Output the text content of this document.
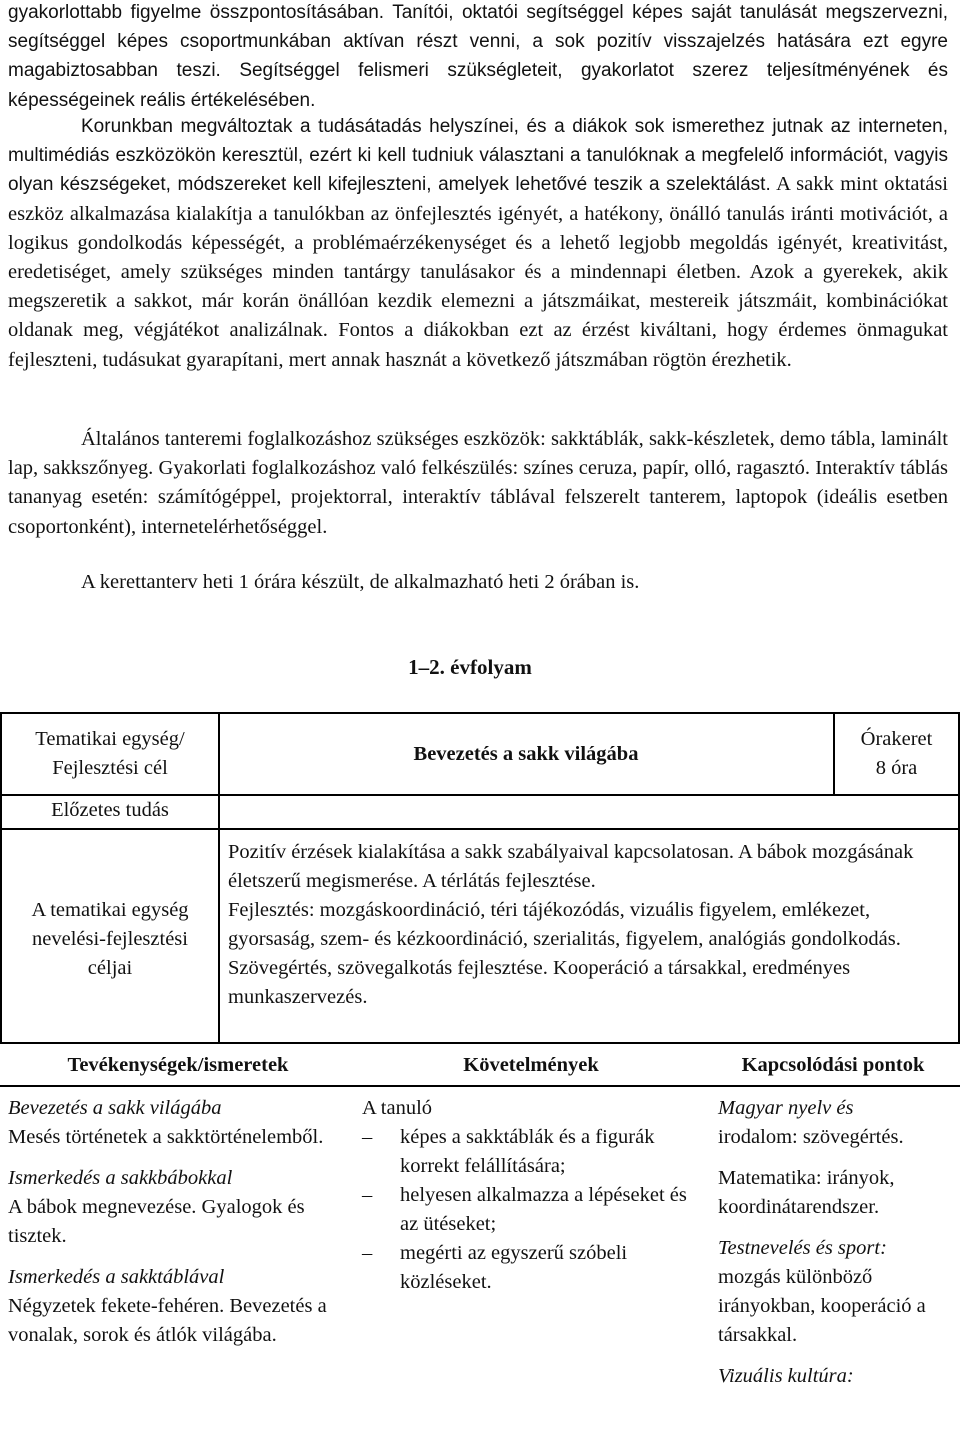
gyakorlottabb figyelme összpontosításában. Tanítói, oktatói segítséggel képes saját tanulását megszervezni, segítséggel képes csoportmunkában aktívan részt venni, a sok pozitív visszajelzés hatására ezt egyre magabiztosabban teszi. Segítséggel felismeri szükségleteit, gyakorlatot szerez teljesítményének és képességeinek reális értékelésében.

Korunkban megváltoztak a tudásátadás helyszínei, és a diákok sok ismerethez jutnak az interneten, multimédiás eszközökön keresztül, ezért ki kell tudniuk választani a tanulóknak a megfelelő információt, vagyis olyan készségeket, módszereket kell kifejleszteni, amelyek lehetővé teszik a szelektálást. A sakk mint oktatási eszköz alkalmazása kialakítja a tanulókban az önfejlesztés igényét, a hatékony, önálló tanulás iránti motivációt, a logikus gondolkodás képességét, a problémaérzékenységet és a lehető legjobb megoldás igényét, kreativitást, eredetiséget, amely szükséges minden tantárgy tanulásakor és a mindennapi életben. Azok a gyerekek, akik megszeretik a sakkot, már korán önállóan kezdik elemezni a játszmáikat, mestereik játszmáit, kombinációkat oldanak meg, végjátékot analizálnak. Fontos a diákokban ezt az érzést kiváltani, hogy érdemes önmagukat fejleszteni, tudásukat gyarapítani, mert annak hasznát a következő játszmában rögtön érezhetik.

Általános tanteremi foglalkozáshoz szükséges eszközök: sakktáblák, sakk-készletek, demo tábla, laminált lap, sakkszőnyeg. Gyakorlati foglalkozáshoz való felkészülés: színes ceruza, papír, olló, ragasztó. Interaktív táblás tananyag esetén: számítógéppel, projektorral, interaktív táblával felszerelt tanterem, laptopok (ideális esetben csoportonként), internetelérhetőséggel.

A kerettanterv heti 1 órára készült, de alkalmazható heti 2 órában is.

1–2. évfolyam
Tematikai egység/
Fejlesztési cél
Bevezetés a sakk világába
Órakeret
8 óra
Előzetes tudás
A tematikai egység
nevelési-fejlesztési
céljai
Pozitív érzések kialakítása a sakk szabályaival kapcsolatosan. A bábok mozgásának életszerű megismerése. A térlátás fejlesztése.
Fejlesztés: mozgáskoordináció, téri tájékozódás, vizuális figyelem, emlékezet, gyorsaság, szem- és kézkoordináció, szerialitás, figyelem, analógiás gondolkodás.
Szövegértés, szövegalkotás fejlesztése. Kooperáció a társakkal, eredményes munkaszervezés.
Tevékenységek/ismeretek	Követelmények	Kapcsolódási pontok
Bevezetés a sakk világába
Mesés történetek a sakktörténelemből.
Ismerkedés a sakkbábokkal
A bábok megnevezése. Gyalogok és tisztek.
Ismerkedés a sakktáblával
Négyzetek fekete-fehéren. Bevezetés a vonalak, sorok és átlók világába.
A tanuló
– képes a sakktáblák és a figurák korrekt felállítására;
– helyesen alkalmazza a lépéseket és az ütéseket;
– megérti az egyszerű szóbeli közléseket.
Magyar nyelv és
irodalom: szövegértés.
Matematika: irányok, koordinátarendszer.
Testnevelés és sport:
mozgás különböző irányokban, kooperáció a társakkal.
Vizuális kultúra:
